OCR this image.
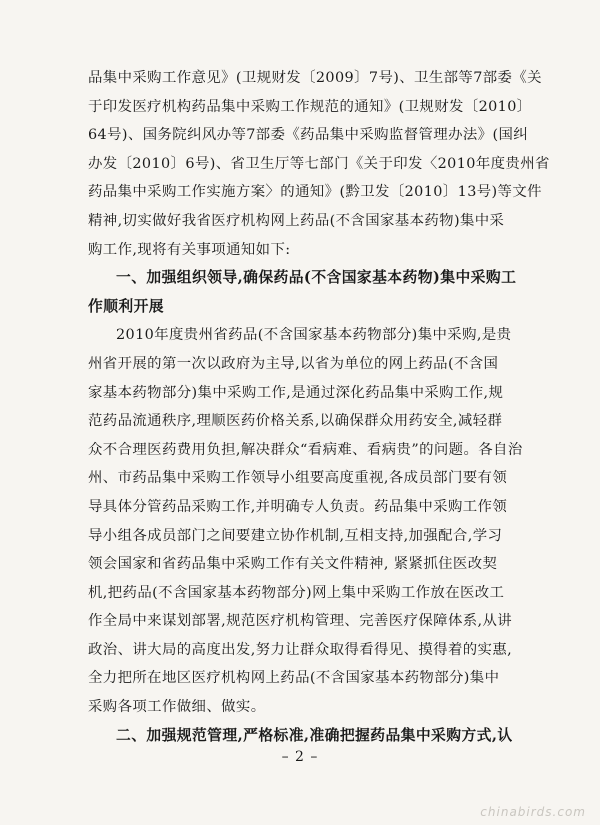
品集中采购工作意见》(卫规财发〔2009〕7号)、卫生部等7部委《关
于印发医疗机构药品集中采购工作规范的通知》(卫规财发〔2010〕
64号)、国务院纠风办等7部委《药品集中采购监督管理办法》(国纠
办发〔2010〕6号)、省卫生厅等七部门《关于印发〈2010年度贵州省
药品集中采购工作实施方案〉的通知》(黔卫发〔2010〕13号)等文件
精神,切实做好我省医疗机构网上药品(不含国家基本药物)集中采
购工作,现将有关事项通知如下:
一、加强组织领导,确保药品(不含国家基本药物)集中采购工
作顺利开展
2010年度贵州省药品(不含国家基本药物部分)集中采购,是贵
州省开展的第一次以政府为主导,以省为单位的网上药品(不含国
家基本药物部分)集中采购工作,是通过深化药品集中采购工作,规
范药品流通秩序,理顺医药价格关系,以确保群众用药安全,减轻群
众不合理医药费用负担,解决群众“看病难、看病贵”的问题。各自治
州、市药品集中采购工作领导小组要高度重视,各成员部门要有领
导具体分管药品采购工作,并明确专人负责。药品集中采购工作领
导小组各成员部门之间要建立协作机制,互相支持,加强配合,学习
领会国家和省药品集中采购工作有关文件精神, 紧紧抓住医改契
机,把药品(不含国家基本药物部分)网上集中采购工作放在医改工
作全局中来谋划部署,规范医疗机构管理、完善医疗保障体系,从讲
政治、讲大局的高度出发,努力让群众取得看得见、摸得着的实惠,
全力把所在地区医疗机构网上药品(不含国家基本药物部分)集中
采购各项工作做细、做实。
二、加强规范管理,严格标准,准确把握药品集中采购方式,认
– 2 –
chinabirds.com
